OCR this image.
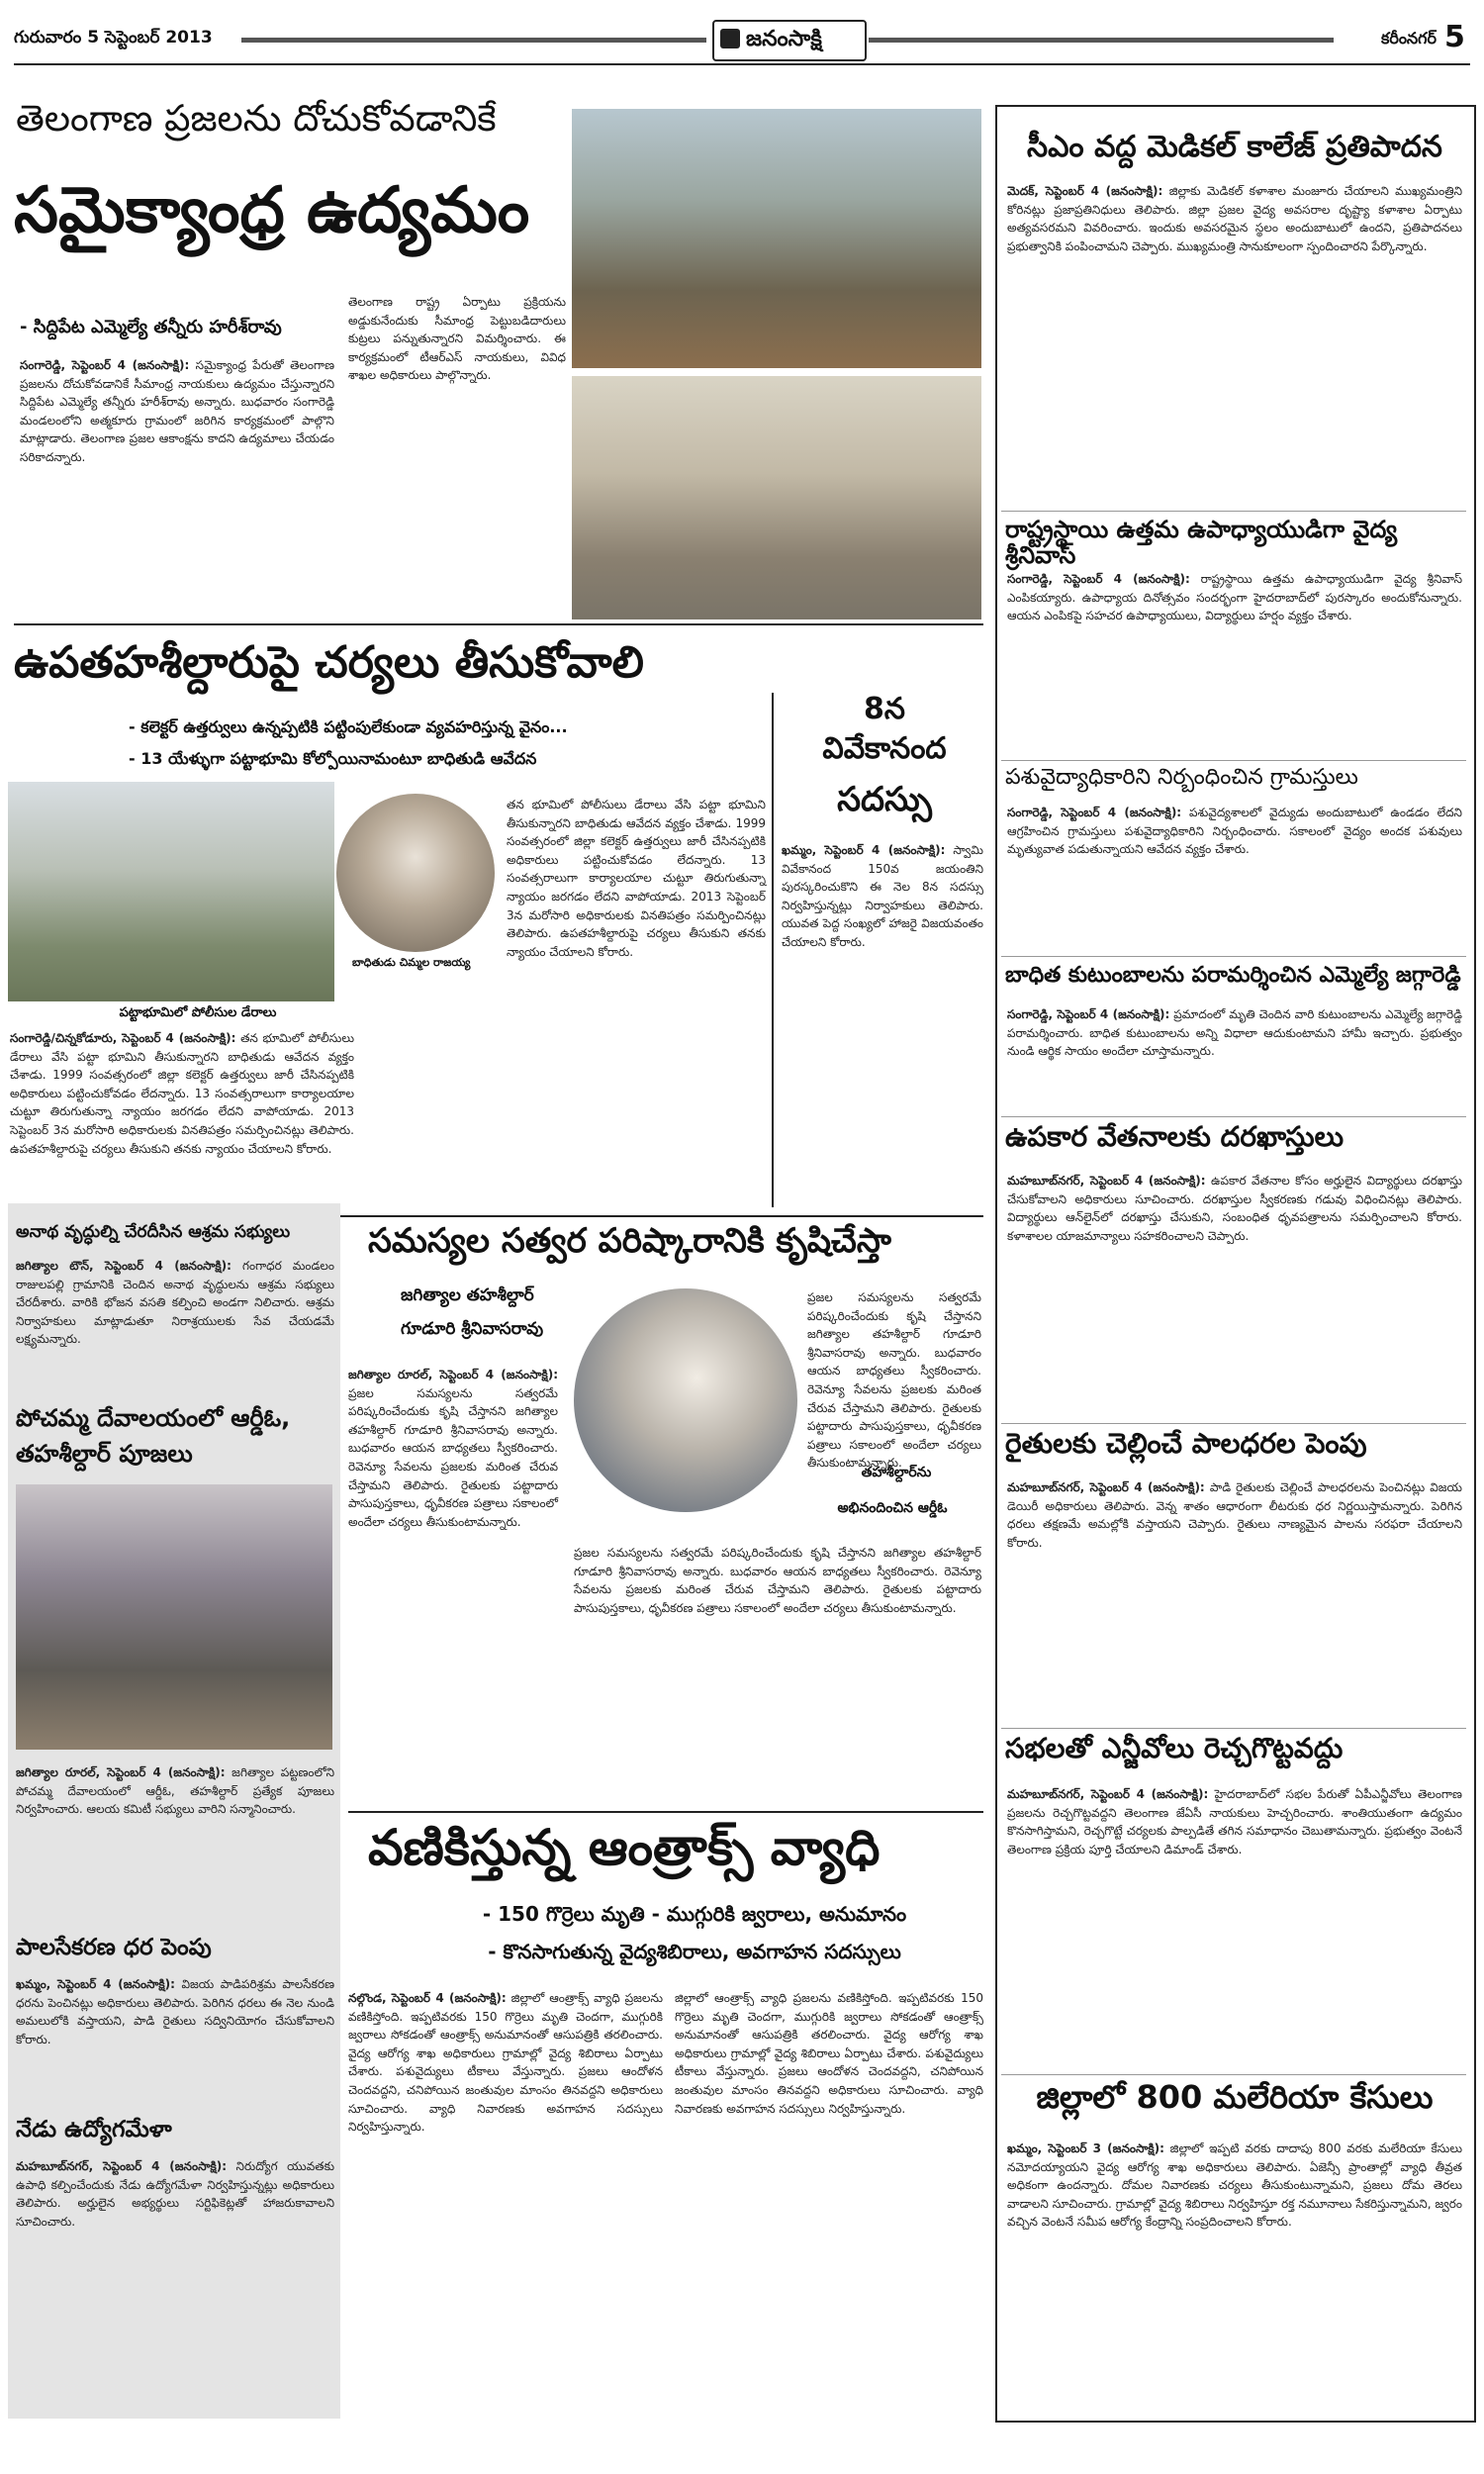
గురువారం 5 సెప్టెంబర్ 2013	జనంసాక్షి	కరీంనగర్ 5
తెలంగాణ ప్రజలను దోచుకోవడానికే
సమైక్యాంధ్ర ఉద్యమం
- సిద్దిపేట ఎమ్మెల్యే తన్నీరు హరీశ్‌రావు
సంగారెడ్డి, సెప్టెంబర్ 4 (జనంసాక్షి): సమైక్యాంధ్ర పేరుతో తెలంగాణ ప్రజలను దోచుకోవడానికే సీమాంధ్ర నాయకులు ఉద్యమం చేస్తున్నారని సిద్దిపేట ఎమ్మెల్యే తన్నీరు హరీశ్‌రావు అన్నారు. బుధవారం సంగారెడ్డి మండలంలోని అత్మకూరు గ్రామంలో జరిగిన కార్యక్రమంలో పాల్గొని మాట్లాడారు. తెలంగాణ ప్రజల ఆకాంక్షను కాదని ఉద్యమాలు చేయడం సరికాదన్నారు.
తెలంగాణ రాష్ట్ర ఏర్పాటు ప్రక్రియను అడ్డుకునేందుకు సీమాంధ్ర పెట్టుబడిదారులు కుట్రలు పన్నుతున్నారని విమర్శించారు. ఈ కార్యక్రమంలో టీఆర్ఎస్ నాయకులు, వివిధ శాఖల అధికారులు పాల్గొన్నారు.
ఉపతహశీల్దారుపై చర్యలు తీసుకోవాలి
- కలెక్టర్ ఉత్తర్వులు ఉన్నప్పటికి పట్టింపులేకుండా వ్యవహరిస్తున్న వైనం...
- 13 యేళ్ళుగా పట్టాభూమి కోల్పోయినామంటూ బాధితుడి ఆవేదన
బాధితుడు చిమ్మల రాజయ్య
పట్టాభూమిలో పోలీసుల డేరాలు
సంగారెడ్డి/చిన్నకోడూరు, సెప్టెంబర్ 4 (జనంసాక్షి): తన భూమిలో పోలీసులు డేరాలు వేసి పట్టా భూమిని తీసుకున్నారని బాధితుడు ఆవేదన వ్యక్తం చేశాడు. 1999 సంవత్సరంలో జిల్లా కలెక్టర్ ఉత్తర్వులు జారీ చేసినప్పటికి అధికారులు పట్టించుకోవడం లేదన్నారు. 13 సంవత్సరాలుగా కార్యాలయాల చుట్టూ తిరుగుతున్నా న్యాయం జరగడం లేదని వాపోయాడు. 2013 సెప్టెంబర్ 3న మరోసారి అధికారులకు వినతిపత్రం సమర్పించినట్లు తెలిపారు. ఉపతహశీల్దారుపై చర్యలు తీసుకుని తనకు న్యాయం చేయాలని కోరారు.
తన భూమిలో పోలీసులు డేరాలు వేసి పట్టా భూమిని తీసుకున్నారని బాధితుడు ఆవేదన వ్యక్తం చేశాడు. 1999 సంవత్సరంలో జిల్లా కలెక్టర్ ఉత్తర్వులు జారీ చేసినప్పటికి అధికారులు పట్టించుకోవడం లేదన్నారు. 13 సంవత్సరాలుగా కార్యాలయాల చుట్టూ తిరుగుతున్నా న్యాయం జరగడం లేదని వాపోయాడు. 2013 సెప్టెంబర్ 3న మరోసారి అధికారులకు వినతిపత్రం సమర్పించినట్లు తెలిపారు. ఉపతహశీల్దారుపై చర్యలు తీసుకుని తనకు న్యాయం చేయాలని కోరారు.
8న
వివేకానంద
సదస్సు
ఖమ్మం, సెప్టెంబర్ 4 (జనంసాక్షి): స్వామి వివేకానంద 150వ జయంతిని పురస్కరించుకొని ఈ నెల 8న సదస్సు నిర్వహిస్తున్నట్లు నిర్వాహకులు తెలిపారు. యువత పెద్ద సంఖ్యలో హాజరై విజయవంతం చేయాలని కోరారు.
అనాథ వృద్ధుల్ని చేరదీసిన ఆశ్రమ సభ్యులు
జగిత్యాల టౌన్, సెప్టెంబర్ 4 (జనంసాక్షి): గంగాధర మండలం రాజులపల్లి గ్రామానికి చెందిన అనాథ వృద్ధులను ఆశ్రమ సభ్యులు చేరదీశారు. వారికి భోజన వసతి కల్పించి అండగా నిలిచారు. ఆశ్రమ నిర్వాహకులు మాట్లాడుతూ నిరాశ్రయులకు సేవ చేయడమే లక్ష్యమన్నారు.
పోచమ్మ దేవాలయంలో ఆర్డీఓ,
తహశీల్దార్ పూజలు
జగిత్యాల రూరల్, సెప్టెంబర్ 4 (జనంసాక్షి): జగిత్యాల పట్టణంలోని పోచమ్మ దేవాలయంలో ఆర్డీఓ, తహశీల్దార్ ప్రత్యేక పూజలు నిర్వహించారు. ఆలయ కమిటీ సభ్యులు వారిని సన్మానించారు.
పాలసేకరణ ధర పెంపు
ఖమ్మం, సెప్టెంబర్ 4 (జనంసాక్షి): విజయ పాడిపరిశ్రమ పాలసేకరణ ధరను పెంచినట్లు అధికారులు తెలిపారు. పెరిగిన ధరలు ఈ నెల నుండి అమలులోకి వస్తాయని, పాడి రైతులు సద్వినియోగం చేసుకోవాలని కోరారు.
నేడు ఉద్యోగమేళా
మహబూబ్‌నగర్, సెప్టెంబర్ 4 (జనంసాక్షి): నిరుద్యోగ యువతకు ఉపాధి కల్పించేందుకు నేడు ఉద్యోగమేళా నిర్వహిస్తున్నట్లు అధికారులు తెలిపారు. అర్హులైన అభ్యర్థులు సర్టిఫికెట్లతో హాజరుకావాలని సూచించారు.
సమస్యల సత్వర పరిష్కారానికి కృషిచేస్తా
జగిత్యాల తహశీల్దార్
గూడూరి శ్రీనివాసరావు
తహశీల్దార్‌ను
అభినందించిన ఆర్డీఓ
జగిత్యాల రూరల్, సెప్టెంబర్ 4 (జనంసాక్షి): ప్రజల సమస్యలను సత్వరమే పరిష్కరించేందుకు కృషి చేస్తానని జగిత్యాల తహశీల్దార్ గూడూరి శ్రీనివాసరావు అన్నారు. బుధవారం ఆయన బాధ్యతలు స్వీకరించారు. రెవెన్యూ సేవలను ప్రజలకు మరింత చేరువ చేస్తామని తెలిపారు. రైతులకు పట్టాదారు పాసుపుస్తకాలు, ధృవీకరణ పత్రాలు సకాలంలో అందేలా చర్యలు తీసుకుంటామన్నారు.
ప్రజల సమస్యలను సత్వరమే పరిష్కరించేందుకు కృషి చేస్తానని జగిత్యాల తహశీల్దార్ గూడూరి శ్రీనివాసరావు అన్నారు. బుధవారం ఆయన బాధ్యతలు స్వీకరించారు. రెవెన్యూ సేవలను ప్రజలకు మరింత చేరువ చేస్తామని తెలిపారు. రైతులకు పట్టాదారు పాసుపుస్తకాలు, ధృవీకరణ పత్రాలు సకాలంలో అందేలా చర్యలు తీసుకుంటామన్నారు.
ప్రజల సమస్యలను సత్వరమే పరిష్కరించేందుకు కృషి చేస్తానని జగిత్యాల తహశీల్దార్ గూడూరి శ్రీనివాసరావు అన్నారు. బుధవారం ఆయన బాధ్యతలు స్వీకరించారు. రెవెన్యూ సేవలను ప్రజలకు మరింత చేరువ చేస్తామని తెలిపారు. రైతులకు పట్టాదారు పాసుపుస్తకాలు, ధృవీకరణ పత్రాలు సకాలంలో అందేలా చర్యలు తీసుకుంటామన్నారు.
వణికిస్తున్న ఆంత్రాక్స్ వ్యాధి
- 150 గొర్రెలు మృతి - ముగ్గురికి జ్వరాలు, అనుమానం
- కొనసాగుతున్న వైద్యశిబిరాలు, అవగాహన సదస్సులు
నల్గొండ, సెప్టెంబర్ 4 (జనంసాక్షి): జిల్లాలో ఆంత్రాక్స్ వ్యాధి ప్రజలను వణికిస్తోంది. ఇప్పటివరకు 150 గొర్రెలు మృతి చెందగా, ముగ్గురికి జ్వరాలు సోకడంతో ఆంత్రాక్స్ అనుమానంతో ఆసుపత్రికి తరలించారు. వైద్య ఆరోగ్య శాఖ అధికారులు గ్రామాల్లో వైద్య శిబిరాలు ఏర్పాటు చేశారు. పశువైద్యులు టీకాలు వేస్తున్నారు. ప్రజలు ఆందోళన చెందవద్దని, చనిపోయిన జంతువుల మాంసం తినవద్దని అధికారులు సూచించారు. వ్యాధి నివారణకు అవగాహన సదస్సులు నిర్వహిస్తున్నారు.
జిల్లాలో ఆంత్రాక్స్ వ్యాధి ప్రజలను వణికిస్తోంది. ఇప్పటివరకు 150 గొర్రెలు మృతి చెందగా, ముగ్గురికి జ్వరాలు సోకడంతో ఆంత్రాక్స్ అనుమానంతో ఆసుపత్రికి తరలించారు. వైద్య ఆరోగ్య శాఖ అధికారులు గ్రామాల్లో వైద్య శిబిరాలు ఏర్పాటు చేశారు. పశువైద్యులు టీకాలు వేస్తున్నారు. ప్రజలు ఆందోళన చెందవద్దని, చనిపోయిన జంతువుల మాంసం తినవద్దని అధికారులు సూచించారు. వ్యాధి నివారణకు అవగాహన సదస్సులు నిర్వహిస్తున్నారు.
సీఎం వద్ద మెడికల్ కాలేజ్ ప్రతిపాదన
మెదక్, సెప్టెంబర్ 4 (జనంసాక్షి): జిల్లాకు మెడికల్ కళాశాల మంజూరు చేయాలని ముఖ్యమంత్రిని కోరినట్లు ప్రజాప్రతినిధులు తెలిపారు. జిల్లా ప్రజల వైద్య అవసరాల దృష్ట్యా కళాశాల ఏర్పాటు అత్యవసరమని వివరించారు. ఇందుకు అవసరమైన స్థలం అందుబాటులో ఉందని, ప్రతిపాదనలు ప్రభుత్వానికి పంపించామని చెప్పారు. ముఖ్యమంత్రి సానుకూలంగా స్పందించారని పేర్కొన్నారు.
రాష్ట్రస్థాయి ఉత్తమ ఉపాధ్యాయుడిగా వైద్య శ్రీనివాస్
సంగారెడ్డి, సెప్టెంబర్ 4 (జనంసాక్షి): రాష్ట్రస్థాయి ఉత్తమ ఉపాధ్యాయుడిగా వైద్య శ్రీనివాస్ ఎంపికయ్యారు. ఉపాధ్యాయ దినోత్సవం సందర్భంగా హైదరాబాద్‌లో పురస్కారం అందుకోనున్నారు. ఆయన ఎంపికపై సహచర ఉపాధ్యాయులు, విద్యార్థులు హర్షం వ్యక్తం చేశారు.
పశువైద్యాధికారిని నిర్బంధించిన గ్రామస్తులు
సంగారెడ్డి, సెప్టెంబర్ 4 (జనంసాక్షి): పశువైద్యశాలలో వైద్యుడు అందుబాటులో ఉండడం లేదని ఆగ్రహించిన గ్రామస్తులు పశువైద్యాధికారిని నిర్బంధించారు. సకాలంలో వైద్యం అందక పశువులు మృత్యువాత పడుతున్నాయని ఆవేదన వ్యక్తం చేశారు.
బాధిత కుటుంబాలను పరామర్శించిన ఎమ్మెల్యే జగ్గారెడ్డి
సంగారెడ్డి, సెప్టెంబర్ 4 (జనంసాక్షి): ప్రమాదంలో మృతి చెందిన వారి కుటుంబాలను ఎమ్మెల్యే జగ్గారెడ్డి పరామర్శించారు. బాధిత కుటుంబాలను అన్ని విధాలా ఆదుకుంటామని హామీ ఇచ్చారు. ప్రభుత్వం నుండి ఆర్థిక సాయం అందేలా చూస్తామన్నారు.
ఉపకార వేతనాలకు దరఖాస్తులు
మహబూబ్‌నగర్, సెప్టెంబర్ 4 (జనంసాక్షి): ఉపకార వేతనాల కోసం అర్హులైన విద్యార్థులు దరఖాస్తు చేసుకోవాలని అధికారులు సూచించారు. దరఖాస్తుల స్వీకరణకు గడువు విధించినట్లు తెలిపారు. విద్యార్థులు ఆన్‌లైన్‌లో దరఖాస్తు చేసుకుని, సంబంధిత ధృవపత్రాలను సమర్పించాలని కోరారు. కళాశాలల యాజమాన్యాలు సహకరించాలని చెప్పారు.
రైతులకు చెల్లించే పాలధరల పెంపు
మహబూబ్‌నగర్, సెప్టెంబర్ 4 (జనంసాక్షి): పాడి రైతులకు చెల్లించే పాలధరలను పెంచినట్లు విజయ డెయిరీ అధికారులు తెలిపారు. వెన్న శాతం ఆధారంగా లీటరుకు ధర నిర్ణయిస్తామన్నారు. పెరిగిన ధరలు తక్షణమే అమల్లోకి వస్తాయని చెప్పారు. రైతులు నాణ్యమైన పాలను సరఫరా చేయాలని కోరారు.
సభలతో ఎన్జీవోలు రెచ్చగొట్టవద్దు
మహబూబ్‌నగర్, సెప్టెంబర్ 4 (జనంసాక్షి): హైదరాబాద్‌లో సభల పేరుతో ఏపీఎన్జీవోలు తెలంగాణ ప్రజలను రెచ్చగొట్టవద్దని తెలంగాణ జేఏసీ నాయకులు హెచ్చరించారు. శాంతియుతంగా ఉద్యమం కొనసాగిస్తామని, రెచ్చగొట్టే చర్యలకు పాల్పడితే తగిన సమాధానం చెబుతామన్నారు. ప్రభుత్వం వెంటనే తెలంగాణ ప్రక్రియ పూర్తి చేయాలని డిమాండ్ చేశారు.
జిల్లాలో 800 మలేరియా కేసులు
ఖమ్మం, సెప్టెంబర్ 3 (జనంసాక్షి): జిల్లాలో ఇప్పటి వరకు దాదాపు 800 వరకు మలేరియా కేసులు నమోదయ్యాయని వైద్య ఆరోగ్య శాఖ అధికారులు తెలిపారు. ఏజెన్సీ ప్రాంతాల్లో వ్యాధి తీవ్రత అధికంగా ఉందన్నారు. దోమల నివారణకు చర్యలు తీసుకుంటున్నామని, ప్రజలు దోమ తెరలు వాడాలని సూచించారు. గ్రామాల్లో వైద్య శిబిరాలు నిర్వహిస్తూ రక్త నమూనాలు సేకరిస్తున్నామని, జ్వరం వచ్చిన వెంటనే సమీప ఆరోగ్య కేంద్రాన్ని సంప్రదించాలని కోరారు.
